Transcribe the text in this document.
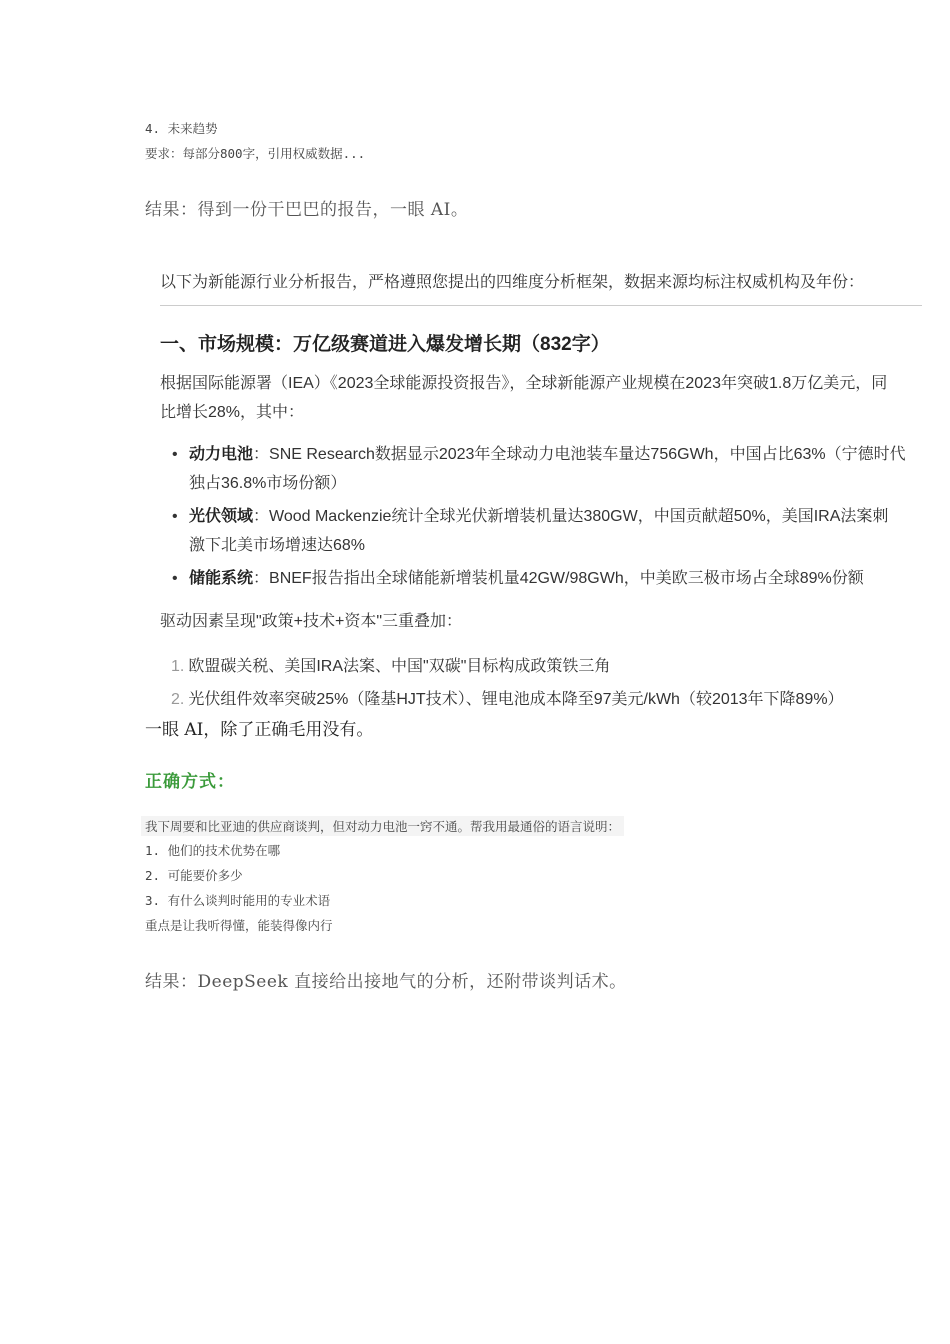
4. 未来趋势
要求：每部分800字，引用权威数据...
结果：得到一份干巴巴的报告，一眼 AI。
以下为新能源行业分析报告，严格遵照您提出的四维度分析框架，数据来源均标注权威机构及年份：
一、市场规模：万亿级赛道进入爆发增长期（832字）
根据国际能源署（IEA）《2023全球能源投资报告》，全球新能源产业规模在2023年突破1.8万亿美元，同
比增长28%，其中：
• 动力电池：SNE Research数据显示2023年全球动力电池装车量达756GWh，中国占比63%（宁德时代
独占36.8%市场份额）
• 光伏领域：Wood Mackenzie统计全球光伏新增装机量达380GW，中国贡献超50%，美国IRA法案刺
激下北美市场增速达68%
• 储能系统：BNEF报告指出全球储能新增装机量42GW/98GWh，中美欧三极市场占全球89%份额
驱动因素呈现"政策+技术+资本"三重叠加：
1. 欧盟碳关税、美国IRA法案、中国"双碳"目标构成政策铁三角
2. 光伏组件效率突破25%（隆基HJT技术）、锂电池成本降至97美元/kWh（较2013年下降89%）
一眼 AI，除了正确毛用没有。
正确方式：
我下周要和比亚迪的供应商谈判，但对动力电池一窍不通。帮我用最通俗的语言说明：
1. 他们的技术优势在哪
2. 可能要价多少
3. 有什么谈判时能用的专业术语
重点是让我听得懂，能装得像内行
结果：DeepSeek 直接给出接地气的分析，还附带谈判话术。
